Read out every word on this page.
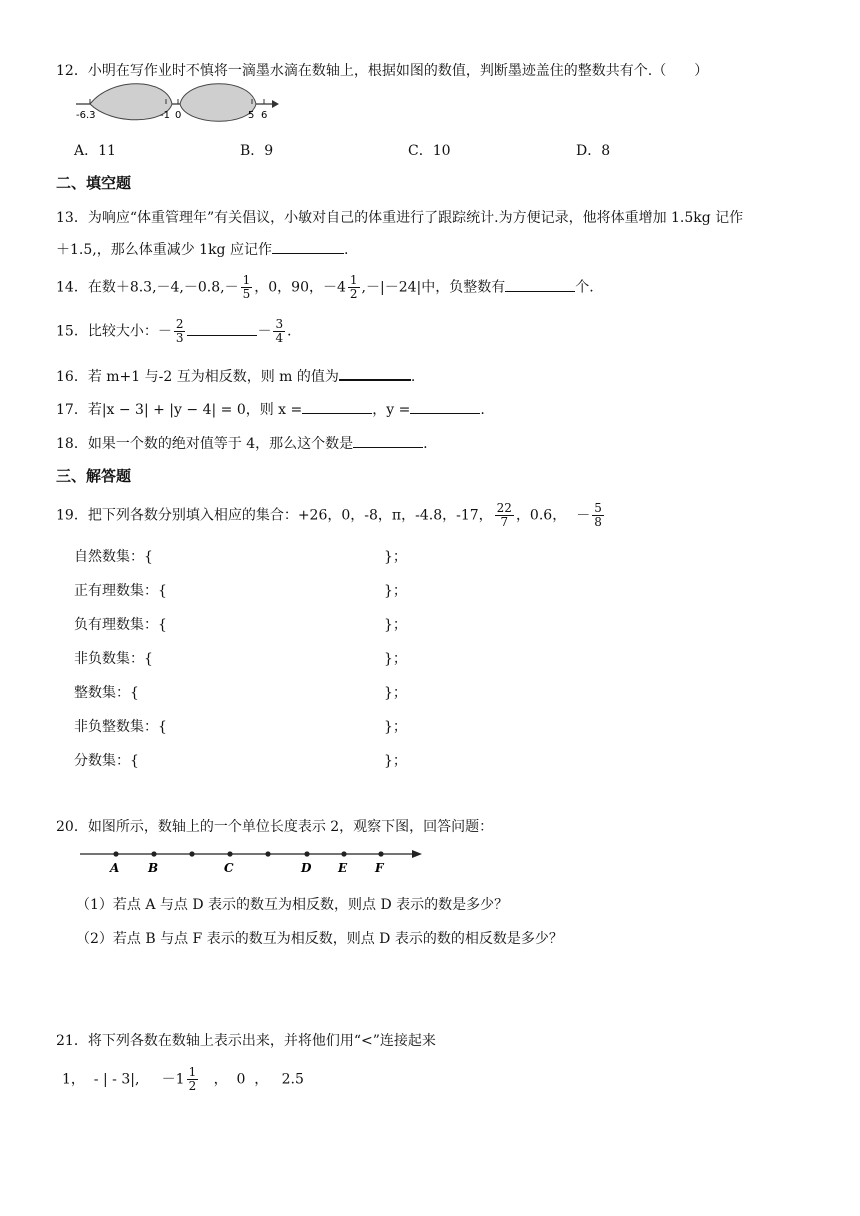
12．小明在写作业时不慎将一滴墨水滴在数轴上，根据如图的数值，判断墨迹盖住的整数共有个.（　　）
-6.3	-1 0	5 6
A．11	B．9	C．10	D．8
二、填空题
13．为响应“体重管理年”有关倡议，小敏对自己的体重进行了跟踪统计.为方便记录，他将体重增加 1.5kg 记作
＋1.5,，那么体重减少 1kg 应记作	.
14．在数$+8.3,-4,-0.8,- \frac{1}{5}$ ，0，90，$-4 \frac{1}{2} ,-|-24|$中，负整数有	个.
15．比较大小：－ $\frac{2}{3}$	－ $\frac{3}{4}$ ．
16．若 m+1 与-2 互为相反数，则 m 的值为	.
17．若|x − 3| + |y − 4| = 0，则 x =	，y =	.
18．如果一个数的绝对值等于 4，那么这个数是	.
三、解答题
19．把下列各数分别填入相应的集合：+26，0，-8，π，-4.8，-17， $\frac{22}{7}$ ，0.6， － $\frac{5}{8}$
自然数集：{	}；
正有理数集：{	}；
负有理数集：{	}；
非负数集：{	}；
整数集：{	}；
非负整数集：{	}；
分数集：{	}；
20．如图所示，数轴上的一个单位长度表示 2，观察下图，回答问题：
A B	C	D E F
（1）若点 A 与点 D 表示的数互为相反数，则点 D 表示的数是多少？
（2）若点 B 与点 F 表示的数互为相反数，则点 D 表示的数的相反数是多少？
21．将下列各数在数轴上表示出来，并将他们用“<”连接起来
1，  - | - 3|,     $-1 \frac{1}{2}$ ，  0  ，   2.5
